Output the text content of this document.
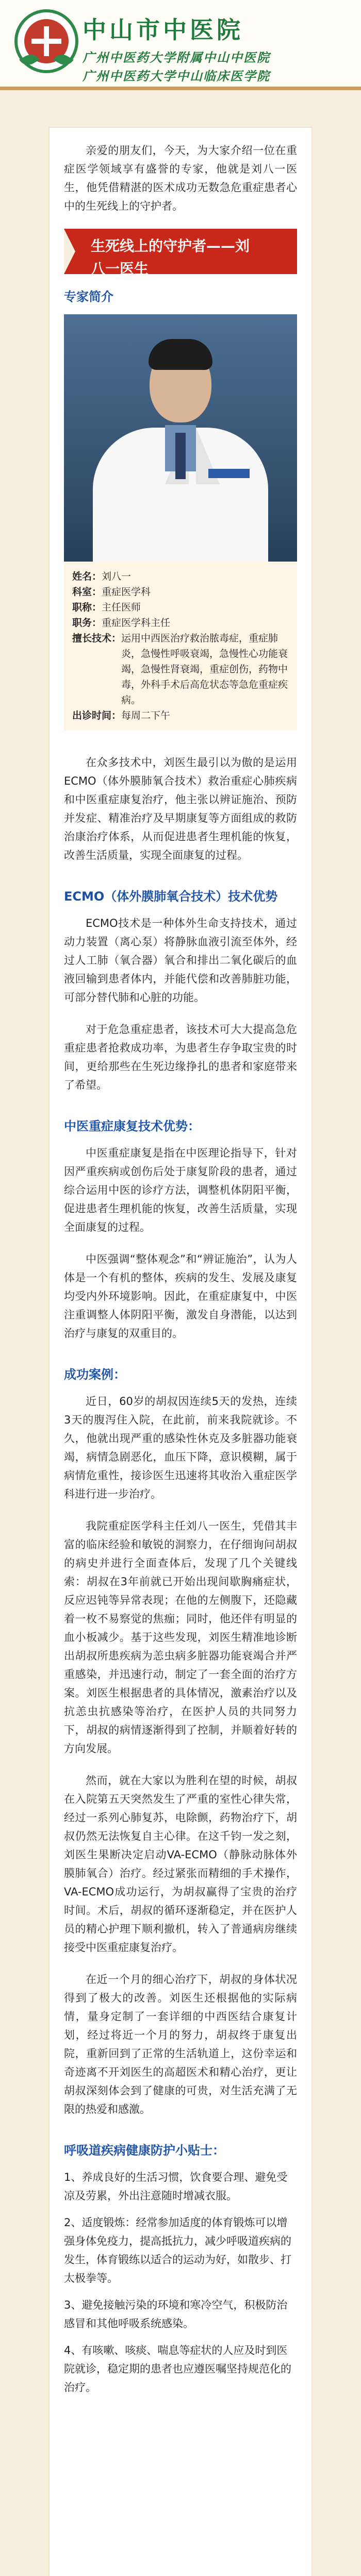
中山市中医院
广州中医药大学附属中山中医院
广州中医药大学中山临床医学院

亲爱的朋友们，今天，为大家介绍一位在重症医学领域享有盛誉的专家，他就是刘八一医生，他凭借精湛的医术成功无数急危重症患者心中的生死线上的守护者。

生死线上的守护者——刘
八一医生
专家简介
姓名： 刘八一
科室： 重症医学科
职称： 主任医师
职务： 重症医学科主任
擅长技术： 运用中西医治疗救治脓毒症，重症肺炎，急慢性呼吸衰竭，急慢性心功能衰竭，急慢性肾衰竭，重症创伤，药物中毒，外科手术后高危状态等急危重症疾病。
出诊时间： 每周二下午

在众多技术中，刘医生最引以为傲的是运用ECMO（体外膜肺氧合技术）救治重症心肺疾病和中医重症康复治疗，他主张以辨证施治、预防并发症、精准治疗及早期康复等方面组成的救防治康治疗体系，从而促进患者生理机能的恢复，改善生活质量，实现全面康复的过程。

ECMO（体外膜肺氧合技术）技术优势

ECMO技术是一种体外生命支持技术，通过动力装置（离心泵）将静脉血液引流至体外，经过人工肺（氧合器）氧合和排出二氧化碳后的血液回输到患者体内，并能代偿和改善肺脏功能，可部分替代肺和心脏的功能。

对于危急重症患者，该技术可大大提高急危重症患者抢救成功率，为患者生存争取宝贵的时间，更给那些在生死边缘挣扎的患者和家庭带来了希望。

中医重症康复技术优势：

中医重症康复是指在中医理论指导下，针对因严重疾病或创伤后处于康复阶段的患者，通过综合运用中医的诊疗方法，调整机体阴阳平衡，促进患者生理机能的恢复，改善生活质量，实现全面康复的过程。

中医强调“整体观念”和“辨证施治”，认为人体是一个有机的整体，疾病的发生、发展及康复均受内外环境影响。因此，在重症康复中，中医注重调整人体阴阳平衡，激发自身潜能，以达到治疗与康复的双重目的。

成功案例：

近日，60岁的胡叔因连续5天的发热，连续3天的腹泻住入院，在此前，前来我院就诊。不久，他就出现严重的感染性休克及多脏器功能衰竭，病情急剧恶化，血压下降，意识模糊，属于病情危重性，接诊医生迅速将其收治入重症医学科进行进一步治疗。

我院重症医学科主任刘八一医生，凭借其丰富的临床经验和敏锐的洞察力，在仔细询问胡叔的病史并进行全面查体后，发现了几个关键线索：胡叔在3年前就已开始出现间歇胸痛症状，反应迟钝等异常表现；在他的左侧腹下，还隐藏着一枚不易察觉的焦痂；同时，他还伴有明显的血小板减少。基于这些发现，刘医生精准地诊断出胡叔所患疾病为恙虫病多脏器功能衰竭合并严重感染，并迅速行动，制定了一套全面的治疗方案。刘医生根据患者的具体情况，激素治疗以及抗恙虫抗感染等治疗，在医护人员的共同努力下，胡叔的病情逐渐得到了控制，并顺着好转的方向发展。

然而，就在大家以为胜利在望的时候，胡叔在入院第五天突然发生了严重的室性心律失常，经过一系列心肺复苏，电除颤，药物治疗下，胡叔仍然无法恢复自主心律。在这千钧一发之刻，刘医生果断决定启动VA-ECMO（静脉动脉体外膜肺氧合）治疗。经过紧张而精细的手术操作，VA-ECMO成功运行，为胡叔赢得了宝贵的治疗时间。术后，胡叔的循环逐渐稳定，并在医护人员的精心护理下顺利撤机，转入了普通病房继续接受中医重症康复治疗。

在近一个月的细心治疗下，胡叔的身体状况得到了极大的改善。刘医生还根据他的实际病情，量身定制了一套详细的中西医结合康复计划，经过将近一个月的努力，胡叔终于康复出院，重新回到了正常的生活轨道上，这份幸运和奇迹离不开刘医生的高超医术和精心治疗，更让胡叔深刻体会到了健康的可贵，对生活充满了无限的热爱和感激。

呼吸道疾病健康防护小贴士：
1、养成良好的生活习惯，饮食要合理、避免受凉及劳累，外出注意随时增减衣服。
2、适度锻炼：经常参加适度的体育锻炼可以增强身体免疫力，提高抵抗力，减少呼吸道疾病的发生，体育锻练以适合的运动为好，如散步、打太极拳等。
3、避免接触污染的环境和寒冷空气，积极防治感冒和其他呼吸系统感染。
4、有咳嗽、咳痰、喘息等症状的人应及时到医院就诊，稳定期的患者也应遵医嘱坚持规范化的治疗。
